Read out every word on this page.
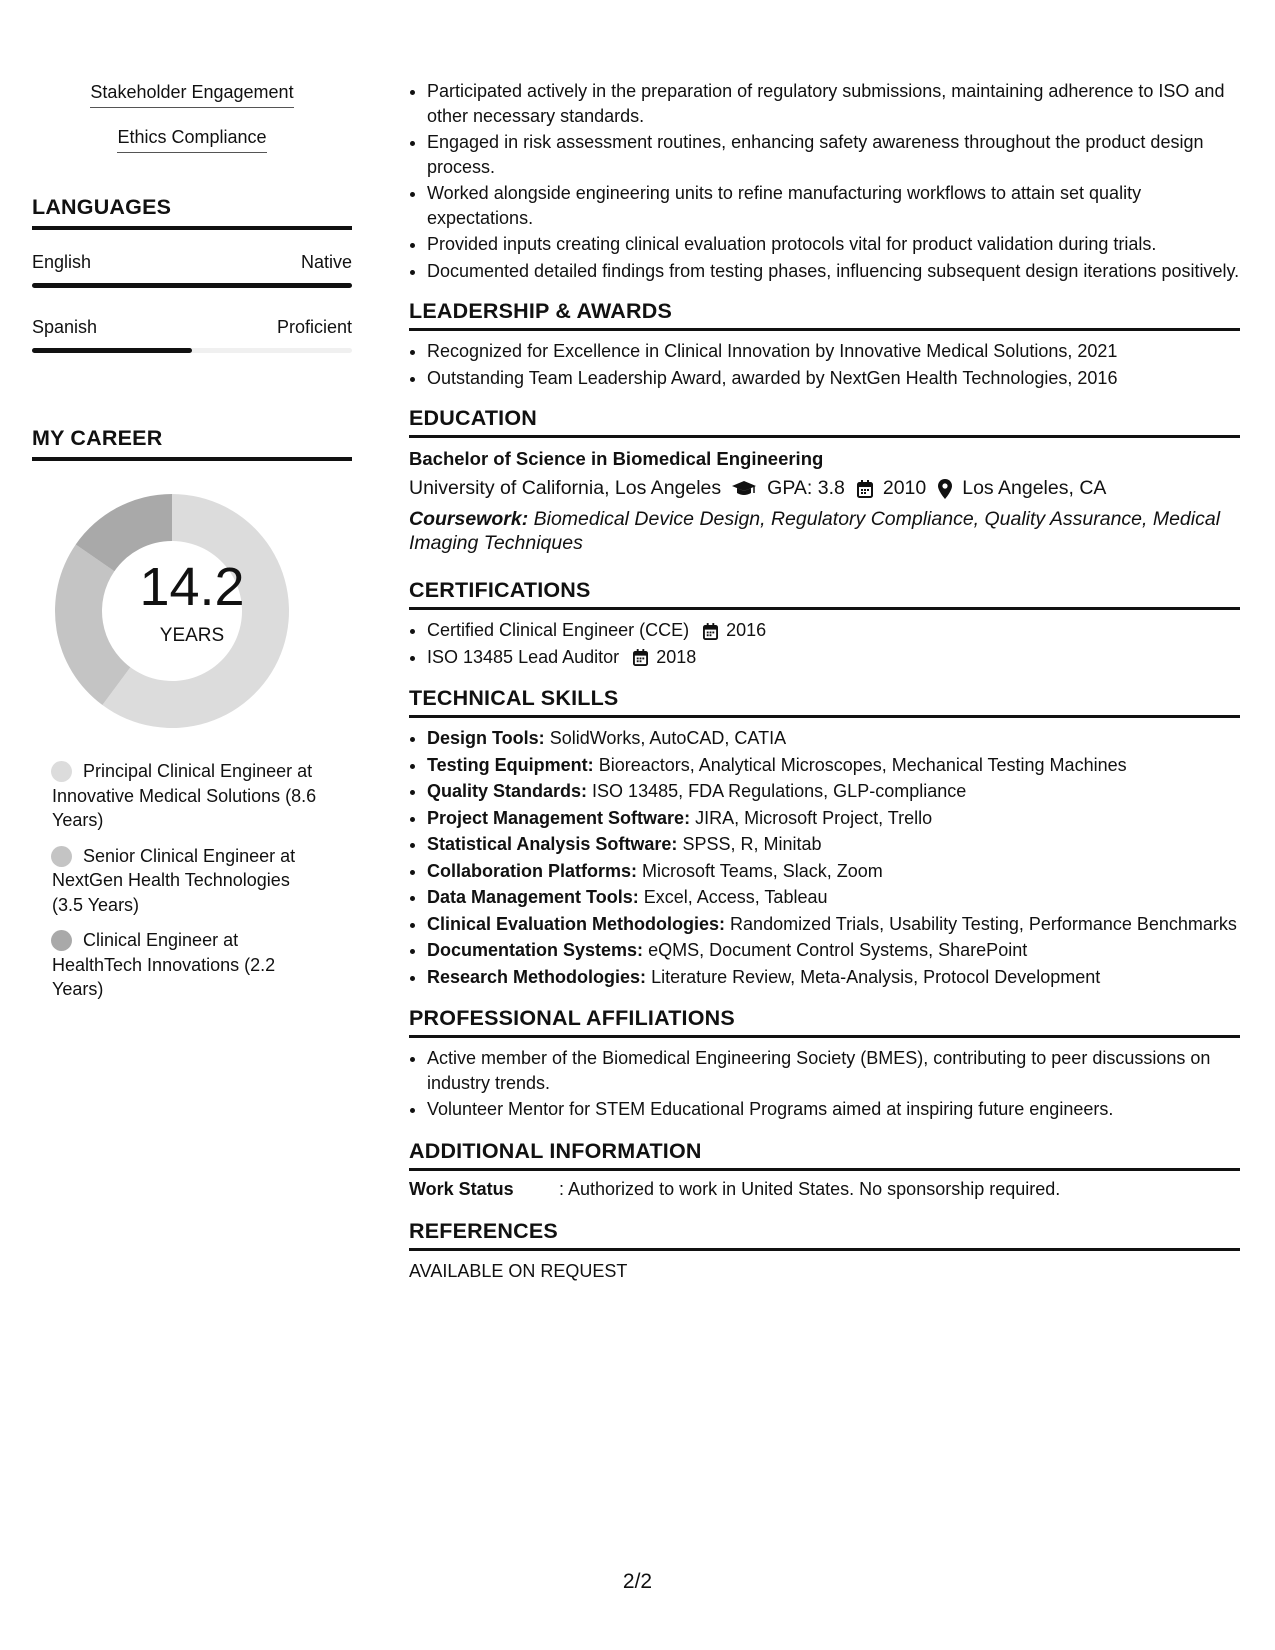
Stakeholder Engagement
Ethics Compliance
LANGUAGES
English	Native
Spanish	Proficient
MY CAREER
14.2
YEARS
Principal Clinical Engineer at Innovative Medical Solutions (8.6 Years)
Senior Clinical Engineer at NextGen Health Technologies (3.5 Years)
Clinical Engineer at HealthTech Innovations (2.2 Years)
• Participated actively in the preparation of regulatory submissions, maintaining adherence to ISO and other necessary standards.
• Engaged in risk assessment routines, enhancing safety awareness throughout the product design process.
• Worked alongside engineering units to refine manufacturing workflows to attain set quality expectations.
• Provided inputs creating clinical evaluation protocols vital for product validation during trials.
• Documented detailed findings from testing phases, influencing subsequent design iterations positively.
LEADERSHIP & AWARDS
• Recognized for Excellence in Clinical Innovation by Innovative Medical Solutions, 2021
• Outstanding Team Leadership Award, awarded by NextGen Health Technologies, 2016
EDUCATION
Bachelor of Science in Biomedical Engineering
University of California, Los Angeles GPA: 3.8 2010 Los Angeles, CA
Coursework: Biomedical Device Design, Regulatory Compliance, Quality Assurance, Medical Imaging Techniques
CERTIFICATIONS
• Certified Clinical Engineer (CCE) 2016
• ISO 13485 Lead Auditor 2018
TECHNICAL SKILLS
• Design Tools: SolidWorks, AutoCAD, CATIA
• Testing Equipment: Bioreactors, Analytical Microscopes, Mechanical Testing Machines
• Quality Standards: ISO 13485, FDA Regulations, GLP-compliance
• Project Management Software: JIRA, Microsoft Project, Trello
• Statistical Analysis Software: SPSS, R, Minitab
• Collaboration Platforms: Microsoft Teams, Slack, Zoom
• Data Management Tools: Excel, Access, Tableau
• Clinical Evaluation Methodologies: Randomized Trials, Usability Testing, Performance Benchmarks
• Documentation Systems: eQMS, Document Control Systems, SharePoint
• Research Methodologies: Literature Review, Meta-Analysis, Protocol Development
PROFESSIONAL AFFILIATIONS
• Active member of the Biomedical Engineering Society (BMES), contributing to peer discussions on industry trends.
• Volunteer Mentor for STEM Educational Programs aimed at inspiring future engineers.
ADDITIONAL INFORMATION
Work Status	: Authorized to work in United States. No sponsorship required.
REFERENCES
AVAILABLE ON REQUEST
2/2
